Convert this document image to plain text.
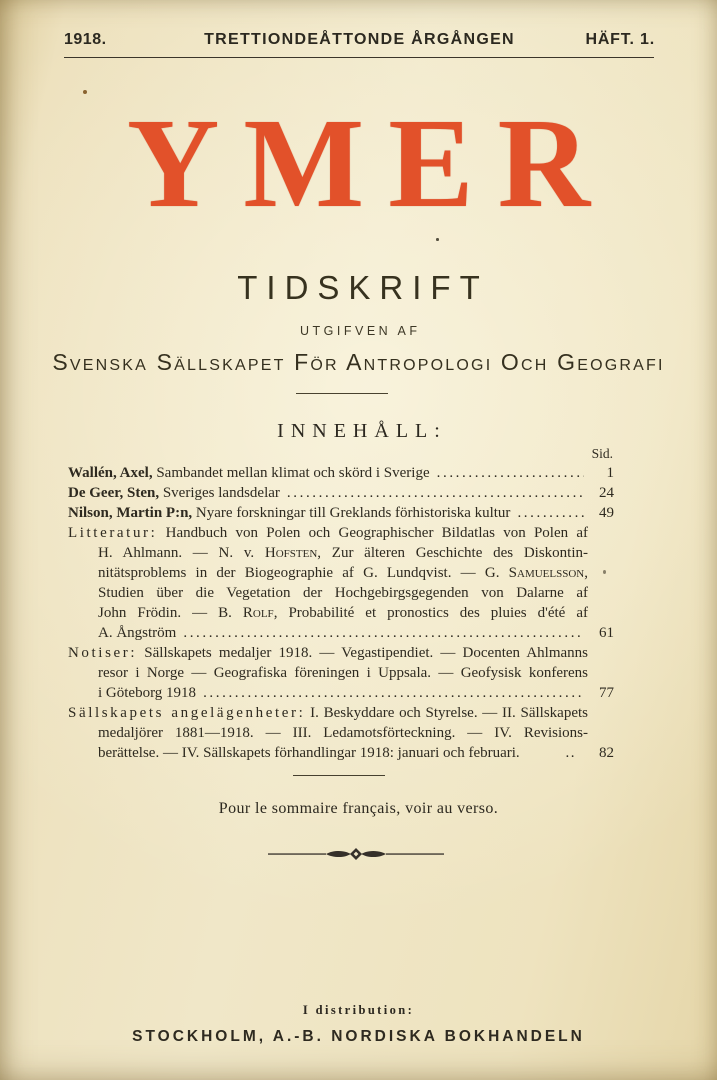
1918.	TRETTIONDEÅTTONDE ÅRGÅNGEN	HÄFT. 1.
YMER
TIDSKRIFT
UTGIFVEN AF
Svenska Sällskapet För Antropologi Och Geografi
INNEHÅLL:
Sid.
Wallén, Axel, Sambandet mellan klimat och skörd i Sverige .....	1
De Geer, Sten, Sveriges landsdelar .....	24
Nilson, Martin P:n, Nyare forskningar till Greklands förhistoriska kultur .....	49
Litteratur: Handbuch von Polen och Geographischer Bildatlas von Polen af
H. Ahlmann. — N. v. Hofsten, Zur älteren Geschichte des Diskontin-
nitätsproblems in der Biogeographie af G. Lundqvist. — G. Samuelsson,
Studien über die Vegetation der Hochgebirgsgegenden von Dalarne af
John Frödin. — B. Rolf, Probabilité et pronostics des pluies d'été af
A. Ångström .....	61
Notiser: Sällskapets medaljer 1918. — Vegastipendiet. — Docenten Ahlmanns
resor i Norge — Geografiska föreningen i Uppsala. — Geofysisk konferens
i Göteborg 1918 .....	77
Sällskapets angelägenheter: I. Beskyddare och Styrelse. — II. Sällskapets
medaljörer 1881—1918. — III. Ledamotsförteckning. — IV. Revisions-
berättelse. — IV. Sällskapets förhandlingar 1918: januari och februari.	..	82
Pour le sommaire français, voir au verso.
I distribution:
STOCKHOLM, A.-B. NORDISKA BOKHANDELN
